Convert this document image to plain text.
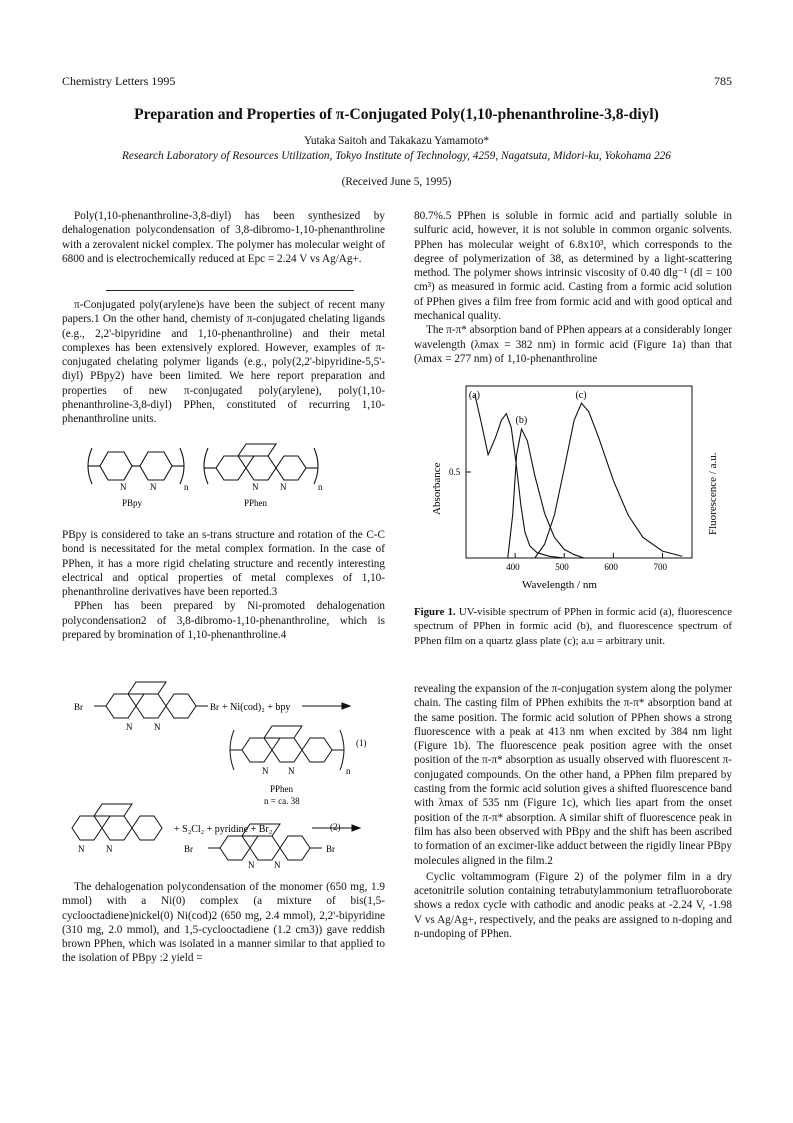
Chemistry Letters 1995	785
Preparation and Properties of π-Conjugated Poly(1,10-phenanthroline-3,8-diyl)
Yutaka Saitoh and Takakazu Yamamoto*
Research Laboratory of Resources Utilization, Tokyo Institute of Technology, 4259, Nagatsuta, Midori-ku, Yokohama 226
(Received June 5, 1995)

Poly(1,10-phenanthroline-3,8-diyl) has been synthesized by dehalogenation polycondensation of 3,8-dibromo-1,10-phenanthroline with a zerovalent nickel complex. The polymer has molecular weight of 6800 and is electrochemically reduced at Epc = 2.24 V vs Ag/Ag+.

π-Conjugated poly(arylene)s have been the subject of recent many papers.1 On the other hand, chemisty of π-conjugated chelating ligands (e.g., 2,2'-bipyridine and 1,10-phenanthroline) and their metal complexes has been extensively explored. However, examples of π-conjugated chelating polymer ligands (e.g., poly(2,2'-bipyridine-5,5'-diyl) PBpy2) have been limited. We here report preparation and properties of new π-conjugated poly(arylene), poly(1,10-phenanthroline-3,8-diyl) PPhen, constituted of recurring 1,10-phenanthroline units.

N	N	n
PBpy
N N	n
PPhen

PBpy is considered to take an s-trans structure and rotation of the C-C bond is necessitated for the metal complex formation. In the case of PPhen, it has a more rigid chelating structure and recently interesting electrical and optical properties of metal complexes of 1,10-phenanthroline derivatives have been reported.3

PPhen has been prepared by Ni-promoted dehalogenation polycondensation2 of 3,8-dibromo-1,10-phenanthroline, which is prepared by bromination of 1,10-phenanthroline.4

Br	Br
N N
+ Ni(cod)₂ + bpy
N N	n
(1)
PPhen
n = ca. 38
N N
+ S₂Cl₂ + pyridine + Br₂
Br	Br
N N
(2)

The dehalogenation polycondensation of the monomer (650 mg, 1.9 mmol) with a Ni(0) complex (a mixture of bis(1,5-cyclooctadiene)nickel(0) Ni(cod)2 (650 mg, 2.4 mmol), 2,2'-bipyridine (310 mg, 2.0 mmol), and 1,5-cyclooctadiene (1.2 cm3)) gave reddish brown PPhen, which was isolated in a manner similar to that applied to the isolation of PBpy :2 yield =

80.7%.5 PPhen is soluble in formic acid and partially soluble in sulfuric acid, however, it is not soluble in common organic solvents. PPhen has molecular weight of 6.8x10³, which corresponds to the degree of polymerization of 38, as determined by a light-scattering method. The polymer shows intrinsic viscosity of 0.40 dlg⁻¹ (dl = 100 cm³) as measured in formic acid. Casting from a formic acid solution of PPhen gives a film free from formic acid and with good optical and mechanical quality.

The π-π* absorption band of PPhen appears at a considerably longer wavelength (λmax = 382 nm) in formic acid (Figure 1a) than that (λmax = 277 nm) of 1,10-phenanthroline

400	500	600	700
0.5
(a)
(b)
(c)
Wavelength / nm
Absorbance	Fluorescence / a.u.

Figure 1. UV-visible spectrum of PPhen in formic acid (a), fluorescence spectrum of PPhen in formic acid (b), and fluorescence spectrum of PPhen film on a quartz glass plate (c); a.u = arbitrary unit.

revealing the expansion of the π-conjugation system along the polymer chain. The casting film of PPhen exhibits the π-π* absorption band at the same position. The formic acid solution of PPhen shows a strong fluorescence with a peak at 413 nm when excited by 384 nm light (Figure 1b). The fluorescence peak position agree with the onset position of the π-π* absorption as usually observed with fluorescent π-conjugated compounds. On the other hand, a PPhen film prepared by casting from the formic acid solution gives a shifted fluorescence band with λmax of 535 nm (Figure 1c), which lies apart from the onset position of the π-π* absorption. A similar shift of fluorescence peak in film has also been observed with PBpy and the shift has been ascribed to formation of an excimer-like adduct between the rigidly linear PBpy molecules aligned in the film.2

Cyclic voltammogram (Figure 2) of the polymer film in a dry acetonitrile solution containing tetrabutylammonium tetrafluoroborate shows a redox cycle with cathodic and anodic peaks at -2.24 V, -1.98 V vs Ag/Ag+, respectively, and the peaks are assigned to n-doping and n-undoping of PPhen.
